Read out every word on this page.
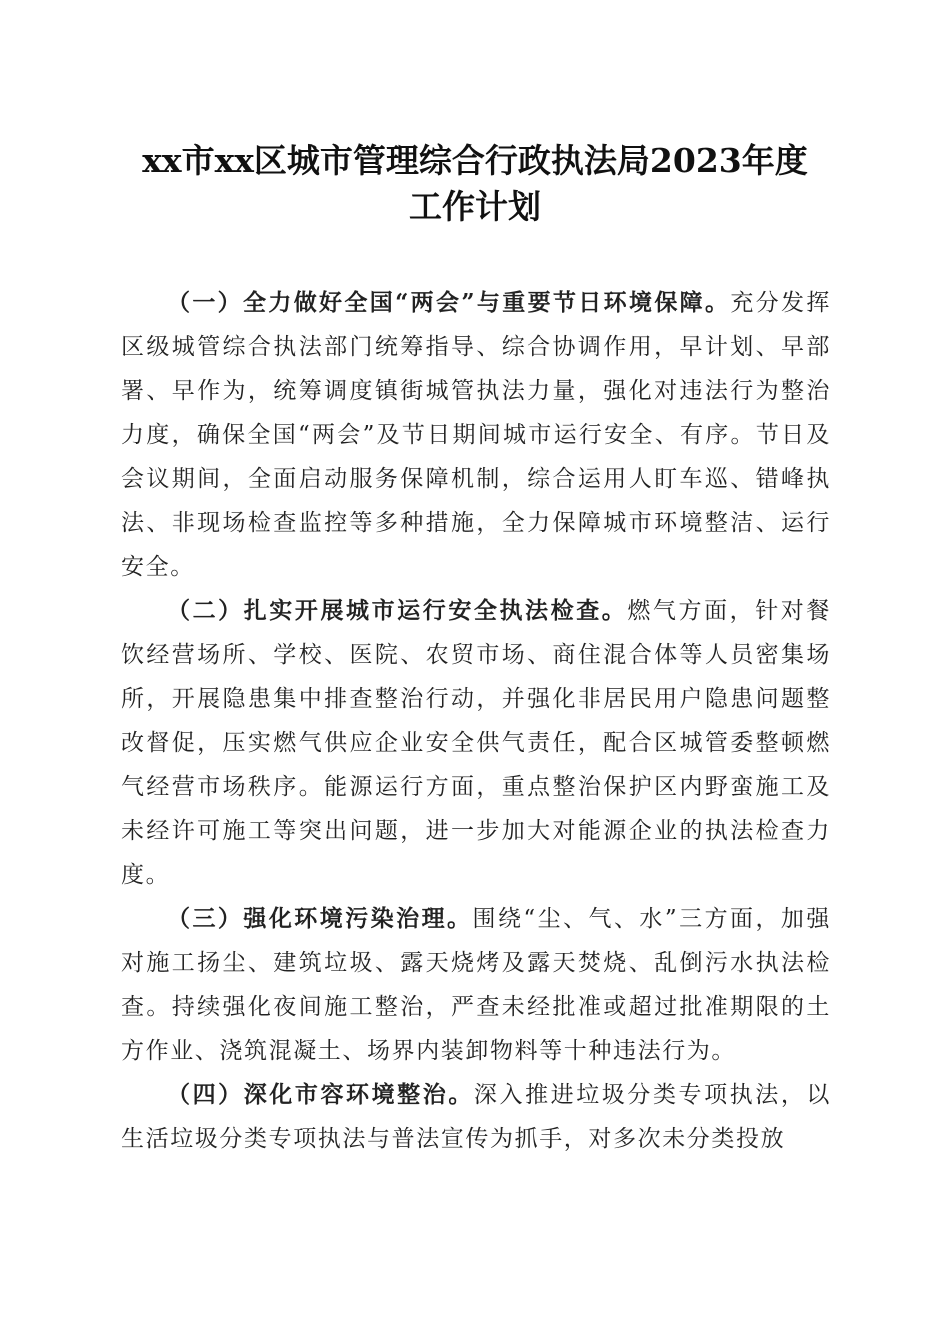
xx市xx区城市管理综合行政执法局2023年度
工作计划

（一）全力做好全国“两会”与重要节日环境保障。充分发挥区级城管综合执法部门统筹指导、综合协调作用，早计划、早部署、早作为，统筹调度镇街城管执法力量，强化对违法行为整治力度，确保全国“两会”及节日期间城市运行安全、有序。节日及会议期间，全面启动服务保障机制，综合运用人盯车巡、错峰执法、非现场检查监控等多种措施，全力保障城市环境整洁、运行安全。

（二）扎实开展城市运行安全执法检查。燃气方面，针对餐饮经营场所、学校、医院、农贸市场、商住混合体等人员密集场所，开展隐患集中排查整治行动，并强化非居民用户隐患问题整改督促，压实燃气供应企业安全供气责任，配合区城管委整顿燃气经营市场秩序。能源运行方面，重点整治保护区内野蛮施工及未经许可施工等突出问题，进一步加大对能源企业的执法检查力度。

（三）强化环境污染治理。围绕“尘、气、水”三方面，加强对施工扬尘、建筑垃圾、露天烧烤及露天焚烧、乱倒污水执法检查。持续强化夜间施工整治，严查未经批准或超过批准期限的土方作业、浇筑混凝土、场界内装卸物料等十种违法行为。

（四）深化市容环境整治。深入推进垃圾分类专项执法，以生活垃圾分类专项执法与普法宣传为抓手，对多次未分类投放
